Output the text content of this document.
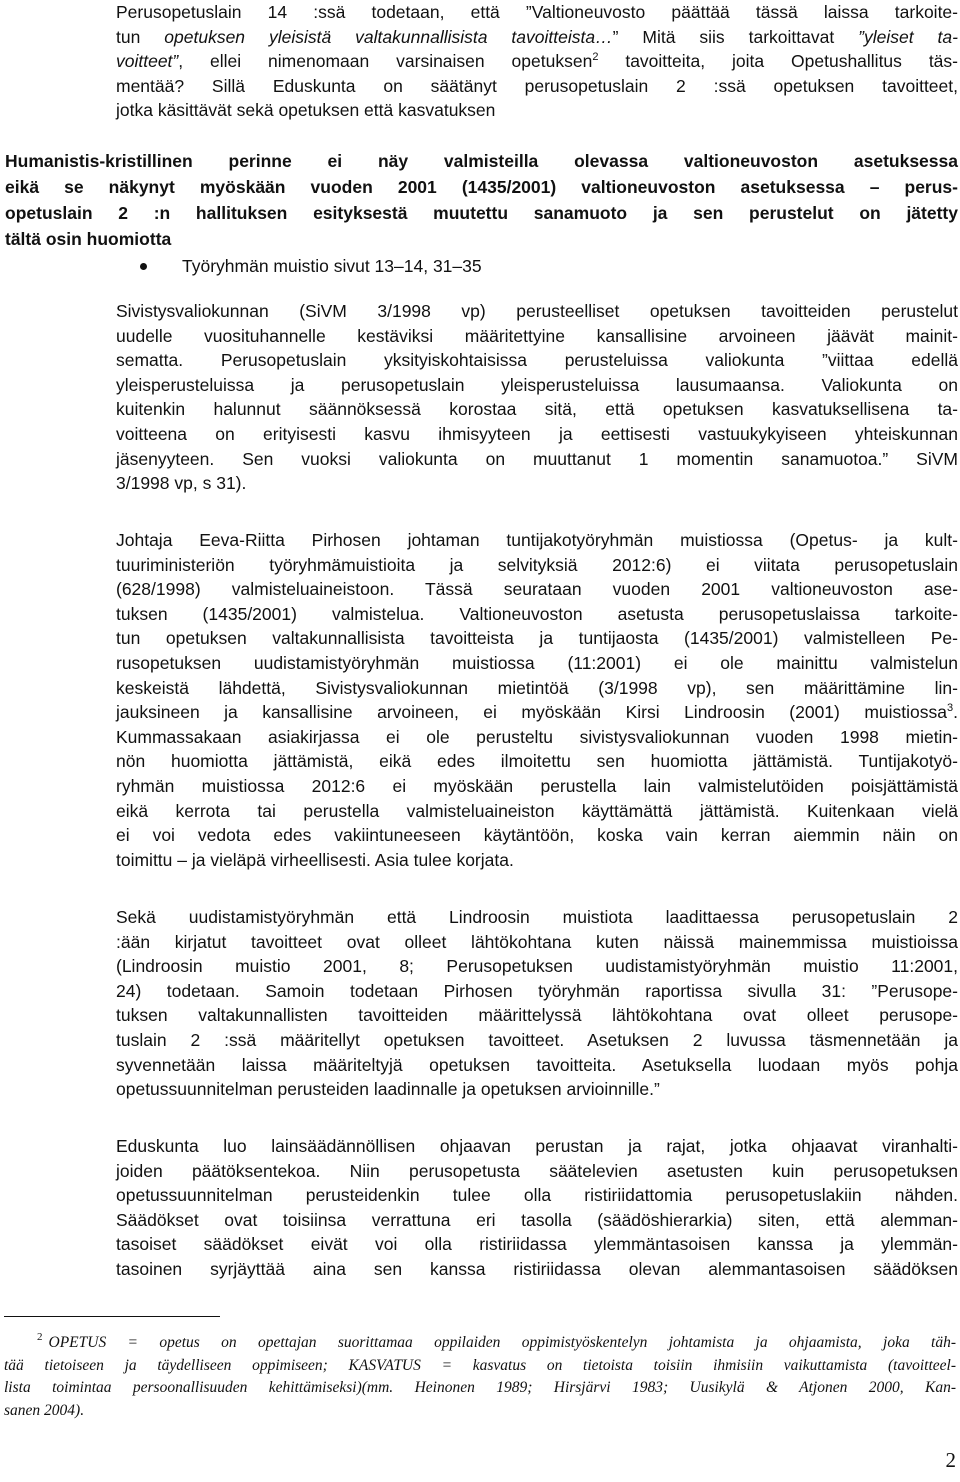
Perusopetuslain 14 :ssä todetaan, että ”Valtioneuvosto päättää tässä laissa tarkoite-
tun opetuksen yleisistä valtakunnallisista tavoitteista…” Mitä siis tarkoittavat ”yleiset ta-
voitteet”, ellei nimenomaan varsinaisen opetuksen$^2$ tavoitteita, joita Opetushallitus täs-
mentää? Sillä Eduskunta on säätänyt perusopetuslain 2 :ssä opetuksen tavoitteet,
jotka käsittävät sekä opetuksen että kasvatuksen

Humanistis-kristillinen perinne ei näy valmisteilla olevassa valtioneuvoston asetuksessa
eikä se näkynyt myöskään vuoden 2001 (1435/2001) valtioneuvoston asetuksessa – perus-
opetuslain 2 :n hallituksen esityksestä muutettu sanamuoto ja sen perustelut on jätetty
tältä osin huomiotta

Työryhmän muistio sivut 13–14, 31–35

Sivistysvaliokunnan (SiVM 3/1998 vp) perusteelliset opetuksen tavoitteiden perustelut
uudelle vuosituhannelle kestäviksi määritettyine kansallisine arvoineen jäävät mainit-
sematta. Perusopetuslain yksityiskohtaisissa perusteluissa valiokunta ”viittaa edellä
yleisperusteluissa ja perusopetuslain yleisperusteluissa lausumaansa. Valiokunta on
kuitenkin halunnut säännöksessä korostaa sitä, että opetuksen kasvatuksellisena ta-
voitteena on erityisesti kasvu ihmisyyteen ja eettisesti vastuukykyiseen yhteiskunnan
jäsenyyteen. Sen vuoksi valiokunta on muuttanut 1 momentin sanamuotoa.” SiVM
3/1998 vp, s 31).

Johtaja Eeva-Riitta Pirhosen johtaman tuntijakotyöryhmän muistiossa (Opetus- ja kult-
tuuriministeriön työryhmämuistioita ja selvityksiä 2012:6) ei viitata perusopetuslain
(628/1998) valmisteluaineistoon. Tässä seurataan vuoden 2001 valtioneuvoston ase-
tuksen (1435/2001) valmistelua. Valtioneuvoston asetusta perusopetuslaissa tarkoite-
tun opetuksen valtakunnallisista tavoitteista ja tuntijaosta (1435/2001) valmistelleen Pe-
rusopetuksen uudistamistyöryhmän muistiossa (11:2001) ei ole mainittu valmistelun
keskeistä lähdettä, Sivistysvaliokunnan mietintöä (3/1998 vp), sen määrittämine lin-
jauksineen ja kansallisine arvoineen, ei myöskään Kirsi Lindroosin (2001) muistiossa$^3$.
Kummassakaan asiakirjassa ei ole perusteltu sivistysvaliokunnan vuoden 1998 mietin-
nön huomiotta jättämistä, eikä edes ilmoitettu sen huomiotta jättämistä. Tuntijakotyö-
ryhmän muistiossa 2012:6 ei myöskään perustella lain valmistelutöiden poisjättämistä
eikä kerrota tai perustella valmisteluaineiston käyttämättä jättämistä. Kuitenkaan vielä
ei voi vedota edes vakiintuneeseen käytäntöön, koska vain kerran aiemmin näin on
toimittu – ja vieläpä virheellisesti. Asia tulee korjata.

Sekä uudistamistyöryhmän että Lindroosin muistiota laadittaessa perusopetuslain 2
:ään kirjatut tavoitteet ovat olleet lähtökohtana kuten näissä mainemmissa muistioissa
(Lindroosin muistio 2001, 8; Perusopetuksen uudistamistyöryhmän muistio 11:2001,
24) todetaan. Samoin todetaan Pirhosen työryhmän raportissa sivulla 31: ”Perusope-
tuksen valtakunnallisten tavoitteiden määrittelyssä lähtökohtana ovat olleet perusope-
tuslain 2 :ssä määritellyt opetuksen tavoitteet. Asetuksen 2 luvussa täsmennetään ja
syvennetään laissa määriteltyjä opetuksen tavoitteita. Asetuksella luodaan myös pohja
opetussuunnitelman perusteiden laadinnalle ja opetuksen arvioinnille.”

Eduskunta luo lainsäädännöllisen ohjaavan perustan ja rajat, jotka ohjaavat viranhalti-
joiden päätöksentekoa. Niin perusopetusta säätelevien asetusten kuin perusopetuksen
opetussuunnitelman perusteidenkin tulee olla ristiriidattomia perusopetuslakiin nähden.
Säädökset ovat toisiinsa verrattuna eri tasolla (säädöshierarkia) siten, että alemman-
tasoiset säädökset eivät voi olla ristiriidassa ylemmäntasoisen kanssa ja ylemmän-
tasoinen syrjäyttää aina sen kanssa ristiriidassa olevan alemmantasoisen säädöksen

$^2$ OPETUS = opetus on opettajan suorittamaa oppilaiden oppimistyöskentelyn johtamista ja ohjaamista, joka täh-
tää tietoiseen ja täydelliseen oppimiseen; KASVATUS = kasvatus on tietoista toisiin ihmisiin vaikuttamista (tavoitteel-
lista toimintaa persoonallisuuden kehittämiseksi)(mm. Heinonen 1989; Hirsjärvi 1983; Uusikylä & Atjonen 2000, Kan-
sanen 2004).

2
